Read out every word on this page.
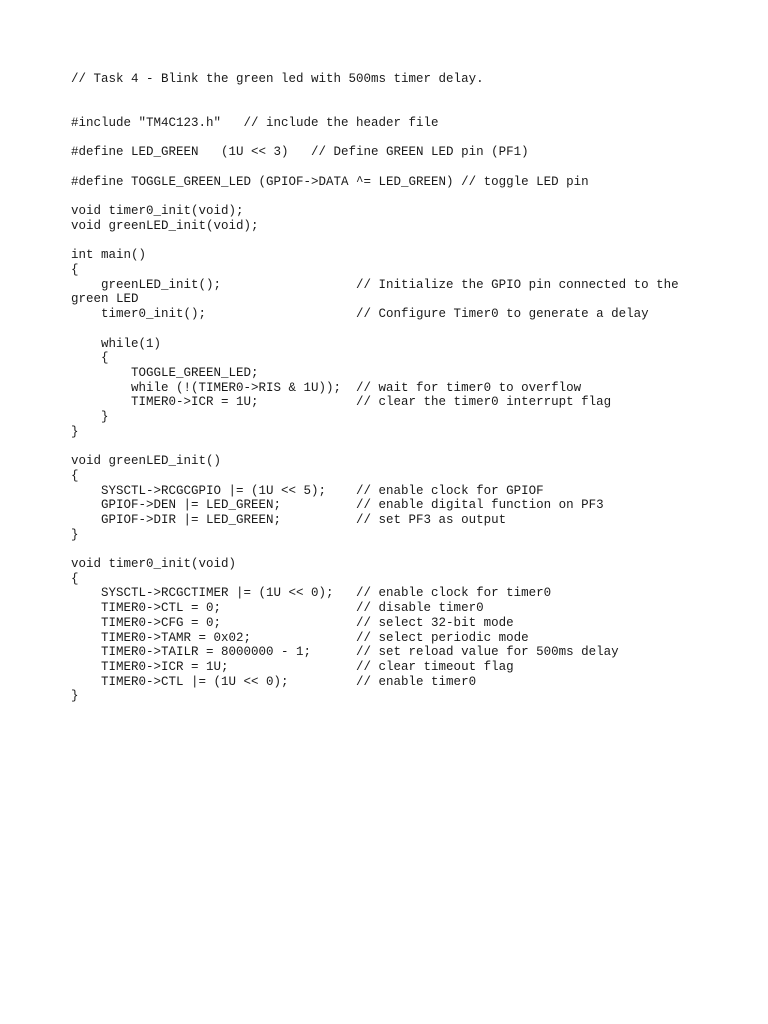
// Task 4 - Blink the green led with 500ms timer delay.
#include "TM4C123.h"   // include the header file
#define LED_GREEN   (1U << 3)   // Define GREEN LED pin (PF1)
#define TOGGLE_GREEN_LED (GPIOF->DATA ^= LED_GREEN) // toggle LED pin
void timer0_init(void);
void greenLED_init(void);
int main()
{
greenLED_init();                  // Initialize the GPIO pin connected to the
green LED
timer0_init();                    // Configure Timer0 to generate a delay
while(1)
{
TOGGLE_GREEN_LED;
while (!(TIMER0->RIS & 1U));  // wait for timer0 to overflow
TIMER0->ICR = 1U;             // clear the timer0 interrupt flag
}
}
void greenLED_init()
{
SYSCTL->RCGCGPIO |= (1U << 5);    // enable clock for GPIOF
GPIOF->DEN |= LED_GREEN;          // enable digital function on PF3
GPIOF->DIR |= LED_GREEN;          // set PF3 as output
}
void timer0_init(void)
{
SYSCTL->RCGCTIMER |= (1U << 0);   // enable clock for timer0
TIMER0->CTL = 0;                  // disable timer0
TIMER0->CFG = 0;                  // select 32-bit mode
TIMER0->TAMR = 0x02;              // select periodic mode
TIMER0->TAILR = 8000000 - 1;      // set reload value for 500ms delay
TIMER0->ICR = 1U;                 // clear timeout flag
TIMER0->CTL |= (1U << 0);         // enable timer0
}
